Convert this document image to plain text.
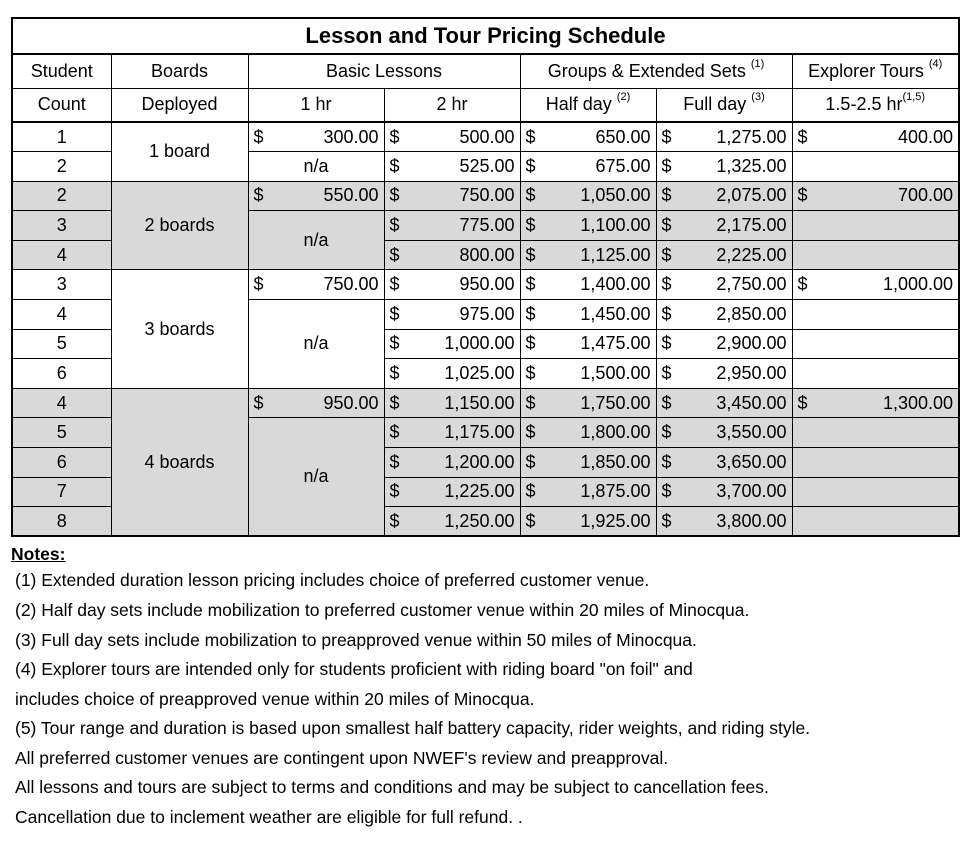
Lesson and Tour Pricing Schedule						
Student	Boards	Basic Lessons		Groups & Extended Sets $^{(1)}$		Explorer Tours $^{(4)}$
Count	Deployed	1 hr	2 hr	Half day $^{(2)}$	Full day $^{(3)}$	1.5-2.5 hr$^{(1,5)}$
1	1 board	$ 300.00	$ 500.00	$ 650.00	$ 1,275.00	$ 400.00

2		n/a	$ 525.00	$ 675.00	$ 1,325.00	

2	2 boards	$ 550.00	$ 750.00	$ 1,050.00	$ 2,075.00	$ 700.00

3		n/a	$ 775.00	$ 1,100.00	$ 2,175.00	

4			$ 800.00	$ 1,125.00	$ 2,225.00	

3	3 boards	$ 750.00	$ 950.00	$ 1,400.00	$ 2,750.00	$ 1,000.00

4		n/a	$ 975.00	$ 1,450.00	$ 2,850.00	

5			$ 1,000.00	$ 1,475.00	$ 2,900.00	

6			$ 1,025.00	$ 1,500.00	$ 2,950.00	

4	4 boards	$ 950.00	$ 1,150.00	$ 1,750.00	$ 3,450.00	$ 1,300.00

5		n/a	$ 1,175.00	$ 1,800.00	$ 3,550.00	

6			$ 1,200.00	$ 1,850.00	$ 3,650.00	

7			$ 1,225.00	$ 1,875.00	$ 3,700.00	

8			$ 1,250.00	$ 1,925.00	$ 3,800.00	

Notes:

(1) Extended duration lesson pricing includes choice of preferred customer venue.

(2) Half day sets include mobilization to preferred customer venue within 20 miles of Minocqua.

(3) Full day sets include mobilization to preapproved venue within 50 miles of Minocqua.

(4) Explorer tours are intended only for students proficient with riding board "on foil" and

includes choice of preapproved venue within 20 miles of Minocqua.

(5) Tour range and duration is based upon smallest half battery capacity, rider weights, and riding style.

All preferred customer venues are contingent upon NWEF's review and preapproval.

All lessons and tours are subject to terms and conditions and may be subject to cancellation fees.

Cancellation due to inclement weather are eligible for full refund. .
